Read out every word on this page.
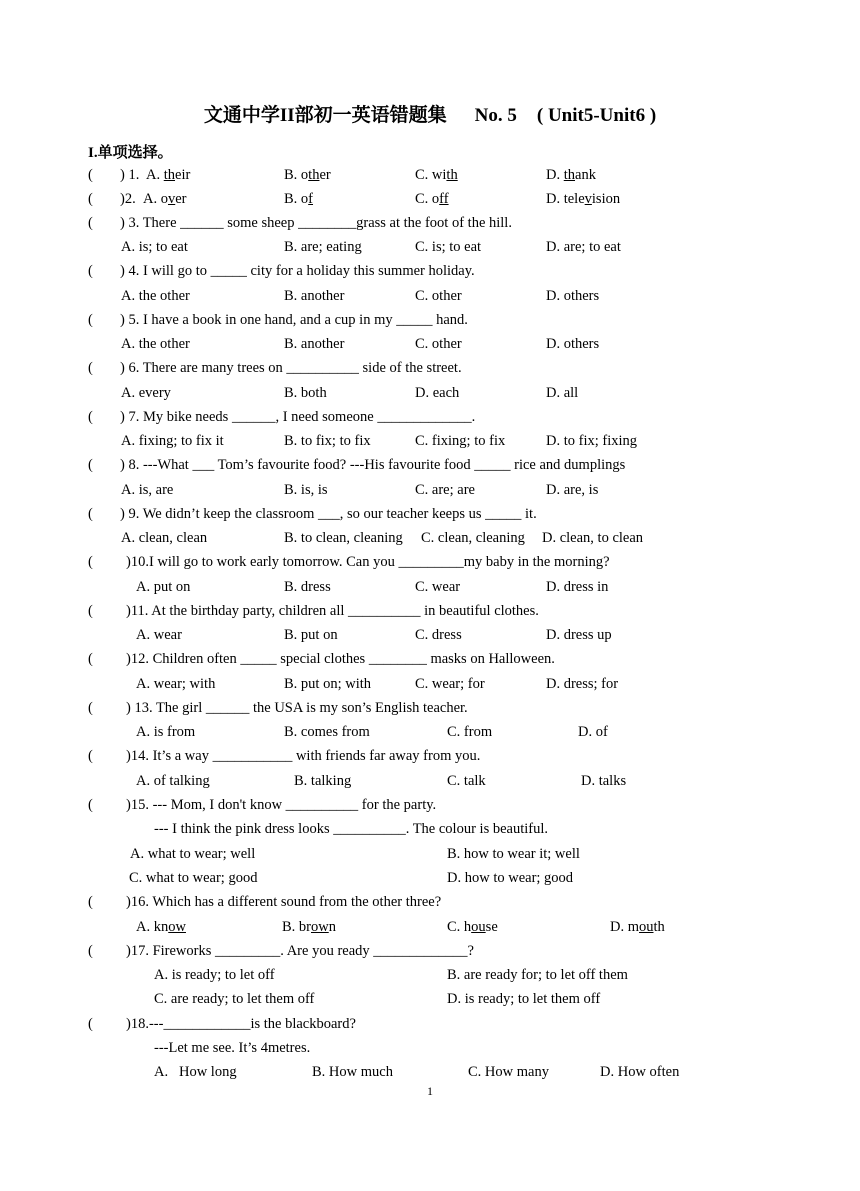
文通中学II部初一英语错题集 No. 5 ( Unit5-Unit6 )
I.单项选择。
( ) 1. A. their	B. other	C. with	D. thank
( )2. A. over	B. of	C. off	D. television
( ) 3. There ______ some sheep ________grass at the foot of the hill.
A. is; to eat	B. are; eating	C. is; to eat	D. are; to eat
( ) 4. I will go to _____ city for a holiday this summer holiday.
A. the other	B. another	C. other	D. others
( ) 5. I have a book in one hand, and a cup in my _____ hand.
A. the other	B. another	C. other	D. others
( ) 6. There are many trees on __________ side of the street.
A. every	B. both	D. each	D. all
( ) 7. My bike needs ______, I need someone _____________.
A. fixing; to fix it	B. to fix; to fix	C. fixing; to fix	D. to fix; fixing
( ) 8. ---What ___ Tom’s favourite food? ---His favourite food _____ rice and dumplings
A. is, are	B. is, is	C. are; are	D. are, is
( ) 9. We didn’t keep the classroom ___, so our teacher keeps us _____ it.
A. clean, clean	B. to clean, cleaning C. clean, cleaning D. clean, to clean
( )10.I will go to work early tomorrow. Can you _________my baby in the morning?
A. put on	B. dress	C. wear	D. dress in
( )11. At the birthday party, children all __________ in beautiful clothes.
A. wear	B. put on	C. dress	D. dress up
( )12. Children often _____ special clothes ________ masks on Halloween.
A. wear; with	B. put on; with	C. wear; for	D. dress; for
( ) 13. The girl ______ the USA is my son’s English teacher.
A. is from	B. comes from	C. from	D. of
( )14. It’s a way ___________ with friends far away from you.
A. of talking	B. talking	C. talk	D. talks
( )15. --- Mom, I don't know __________ for the party.
--- I think the pink dress looks __________. The colour is beautiful.
A. what to wear; well	B. how to wear it; well
C. what to wear; good	D. how to wear; good
( )16. Which has a different sound from the other three?
A. know	B. brown	C. house	D. mouth
( )17. Fireworks _________. Are you ready _____________?
A. is ready; to let off	B. are ready for; to let off them
C. are ready; to let them off	D. is ready; to let them off
( )18.---____________is the blackboard?
---Let me see. It’s 4metres.
A.   How long	B. How much	C. How many	D. How often
1
